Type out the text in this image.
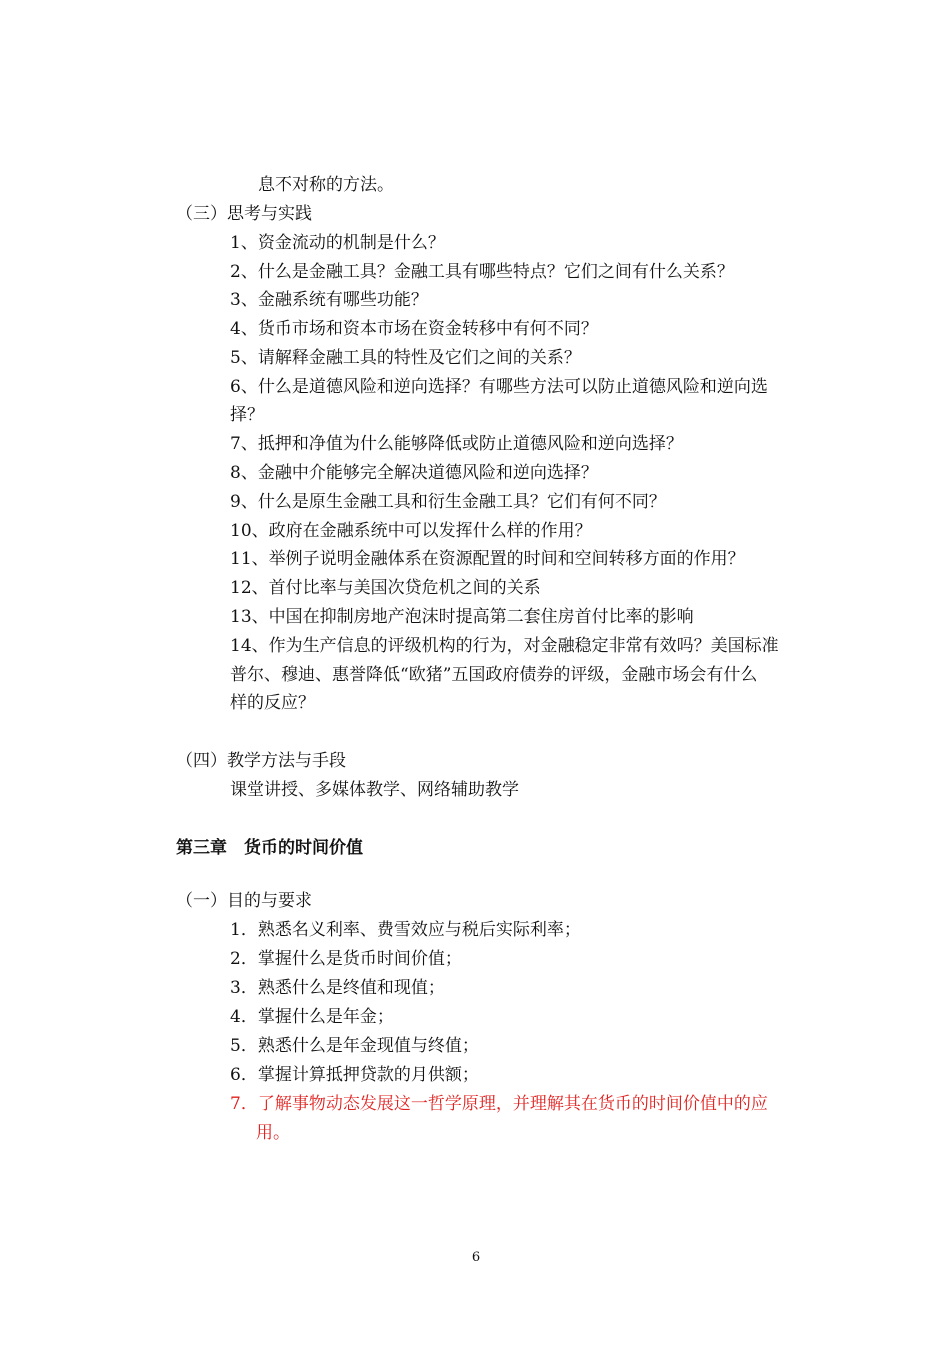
息不对称的方法。
（三）思考与实践
1、资金流动的机制是什么？
2、什么是金融工具？金融工具有哪些特点？它们之间有什么关系？
3、金融系统有哪些功能？
4、货币市场和资本市场在资金转移中有何不同？
5、请解释金融工具的特性及它们之间的关系？
6、什么是道德风险和逆向选择？有哪些方法可以防止道德风险和逆向选
择？
7、抵押和净值为什么能够降低或防止道德风险和逆向选择？
8、金融中介能够完全解决道德风险和逆向选择？
9、什么是原生金融工具和衍生金融工具？它们有何不同？
10、政府在金融系统中可以发挥什么样的作用？
11、举例子说明金融体系在资源配置的时间和空间转移方面的作用？
12、首付比率与美国次贷危机之间的关系
13、中国在抑制房地产泡沫时提高第二套住房首付比率的影响
14、作为生产信息的评级机构的行为，对金融稳定非常有效吗？美国标准
普尔、穆迪、惠誉降低“欧猪”五国政府债券的评级，金融市场会有什么
样的反应？
（四）教学方法与手段
课堂讲授、多媒体教学、网络辅助教学
第三章　货币的时间价值
（一）目的与要求
1．熟悉名义利率、费雪效应与税后实际利率；
2．掌握什么是货币时间价值；
3．熟悉什么是终值和现值；
4．掌握什么是年金；
5．熟悉什么是年金现值与终值；
6．掌握计算抵押贷款的月供额；
7．了解事物动态发展这一哲学原理，并理解其在货币的时间价值中的应
用。
6
